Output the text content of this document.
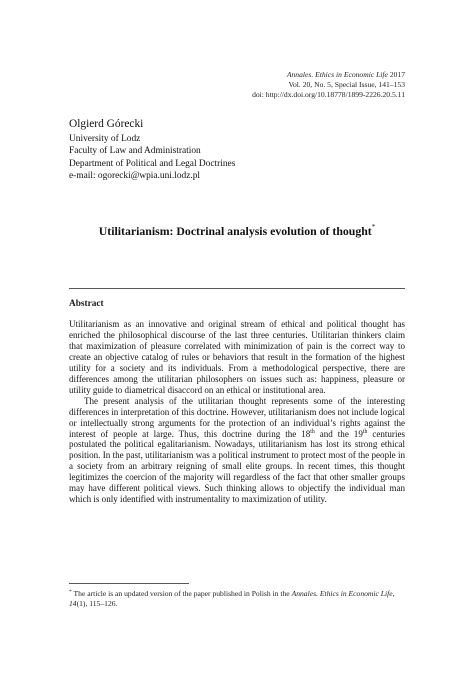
Annales. Ethics in Economic Life 2017
Vol. 20, No. 5, Special Issue, 141–153
doi: http://dx.doi.org/10.18778/1899-2226.20.5.11
Olgierd Górecki
University of Lodz
Faculty of Law and Administration
Department of Political and Legal Doctrines
e-mail: ogorecki@wpia.uni.lodz.pl
Utilitarianism: Doctrinal analysis evolution of thought*
Abstract

Utilitarianism as an innovative and original stream of ethical and political thought has enriched the philosophical discourse of the last three centuries. Utilitarian thinkers claim that maximization of pleasure correlated with minimization of pain is the correct way to create an objective catalog of rules or behaviors that result in the formation of the highest utility for a society and its individuals. From a methodological perspective, there are differences among the utilitarian philosophers on issues such as: happiness, pleasure or utility guide to diametrical disaccord on an ethical or institutional area.

The present analysis of the utilitarian thought represents some of the interesting differences in interpretation of this doctrine. However, utilitarianism does not include logical or intellectually strong arguments for the protection of an individual’s rights against the interest of people at large. Thus, this doctrine during the 18th and the 19th centuries postulated the political egalitarianism. Nowadays, utilitarianism has lost its strong ethical position. In the past, utilitarianism was a political instrument to protect most of the people in a society from an arbitrary reigning of small elite groups. In recent times, this thought legitimizes the coercion of the majority will regardless of the fact that other smaller groups may have different political views. Such thinking allows to objectify the individual man which is only identified with instrumentality to maximization of utility.

* The article is an updated version of the paper published in Polish in the Annales. Ethics in Economic Life, 14(1), 115–126.
